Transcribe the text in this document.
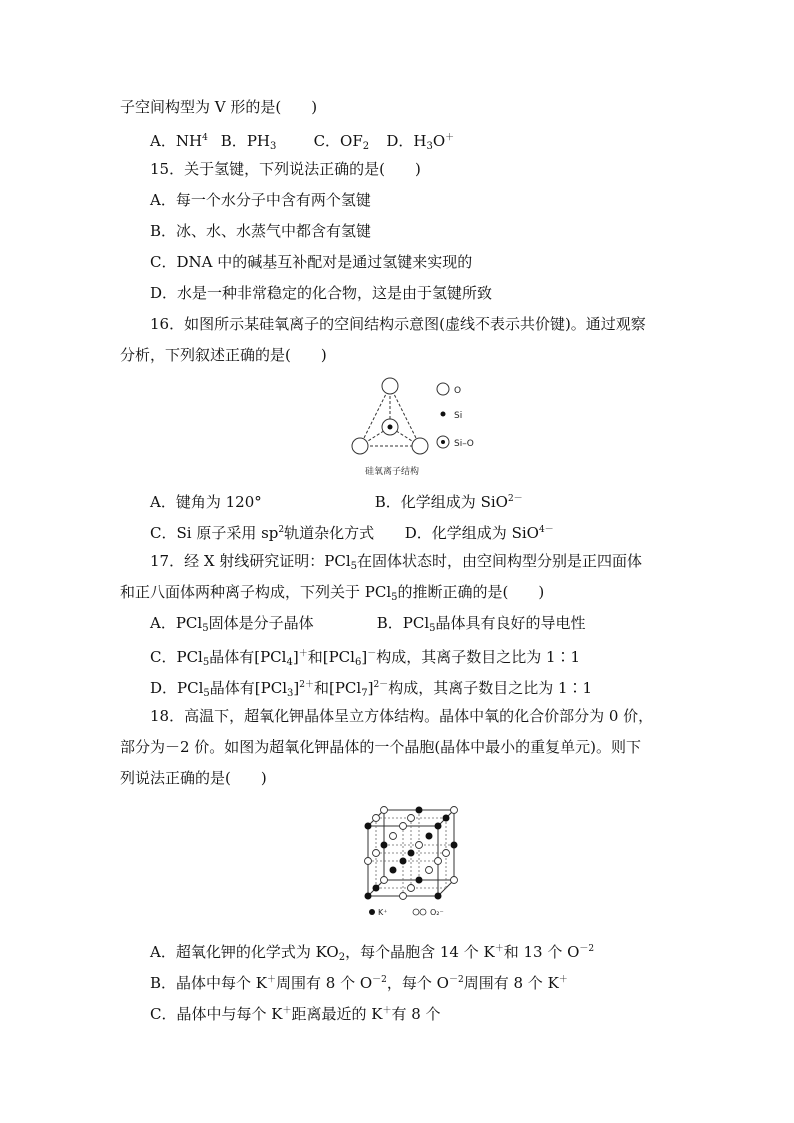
子空间构型为 V 形的是(　　)
A．$NH^4$ B．$PH_3$ C．$OF_2$ D．$H_3O^+$
15．关于氢键，下列说法正确的是(　　)
A．每一个水分子中含有两个氢键
B．冰、水、水蒸气中都含有氢键
C．DNA 中的碱基互补配对是通过氢键来实现的
D．水是一种非常稳定的化合物，这是由于氢键所致
16．如图所示某硅氧离子的空间结构示意图(虚线不表示共价键)。通过观察
分析，下列叙述正确的是(　　)
O
Si
Si–O
硅氧离子结构
A．键角为 120°	B．化学组成为 SiO$^{2-}$
C．Si 原子采用 $sp^2$轨道杂化方式 D．化学组成为 SiO$^{4-}$
17．经 X 射线研究证明：PCl$_5$在固体状态时，由空间构型分别是正四面体
和正八面体两种离子构成，下列关于 PCl$_5$的推断正确的是(　　)
A．PCl$_5$固体是分子晶体	B．PCl$_5$晶体具有良好的导电性
C．PCl$_5$晶体有[PCl$_4$]＋和[PCl$_6$]－构成，其离子数目之比为 1∶1
D．PCl$_5$晶体有$[PCl_3]^{2+}$和$[PCl_7]^{2-}$构成，其离子数目之比为 1∶1
18．高温下，超氧化钾晶体呈立方体结构。晶体中氧的化合价部分为 0 价，
部分为－2 价。如图为超氧化钾晶体的一个晶胞(晶体中最小的重复单元)。则下
列说法正确的是(　　)
K⁺	O₂⁻
A．超氧化钾的化学式为 $KO_2$，每个晶胞含 14 个 K＋和 13 个 $O^{-2}$
B．晶体中每个 K＋周围有 8 个 $O^{-2}$，每个 $O^{-2}$周围有 8 个 K＋
C．晶体中与每个 K＋距离最近的 K＋有 8 个
